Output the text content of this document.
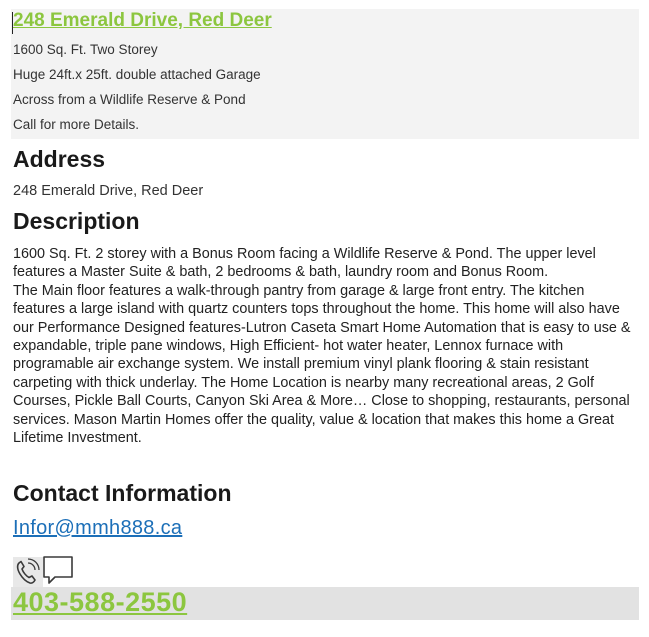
248 Emerald Drive, Red Deer
1600 Sq. Ft. Two Storey
Huge 24ft.x 25ft. double attached Garage
Across from a Wildlife Reserve & Pond
Call for more Details.
Address
248 Emerald Drive, Red Deer
Description
1600 Sq. Ft. 2 storey with a Bonus Room facing a Wildlife Reserve & Pond. The upper level features a Master Suite & bath, 2 bedrooms & bath, laundry room and Bonus Room.
The Main floor features a walk-through pantry from garage & large front entry. The kitchen features a large island with quartz counters tops throughout the home. This home will also have our Performance Designed features-Lutron Caseta Smart Home Automation that is easy to use & expandable, triple pane windows, High Efficient- hot water heater, Lennox furnace with programable air exchange system. We install premium vinyl plank flooring & stain resistant carpeting with thick underlay. The Home Location is nearby many recreational areas, 2 Golf Courses, Pickle Ball Courts, Canyon Ski Area & More… Close to shopping, restaurants, personal services. Mason Martin Homes offer the quality, value & location that makes this home a Great Lifetime Investment.
Contact Information
Infor@mmh888.ca
403-588-2550
